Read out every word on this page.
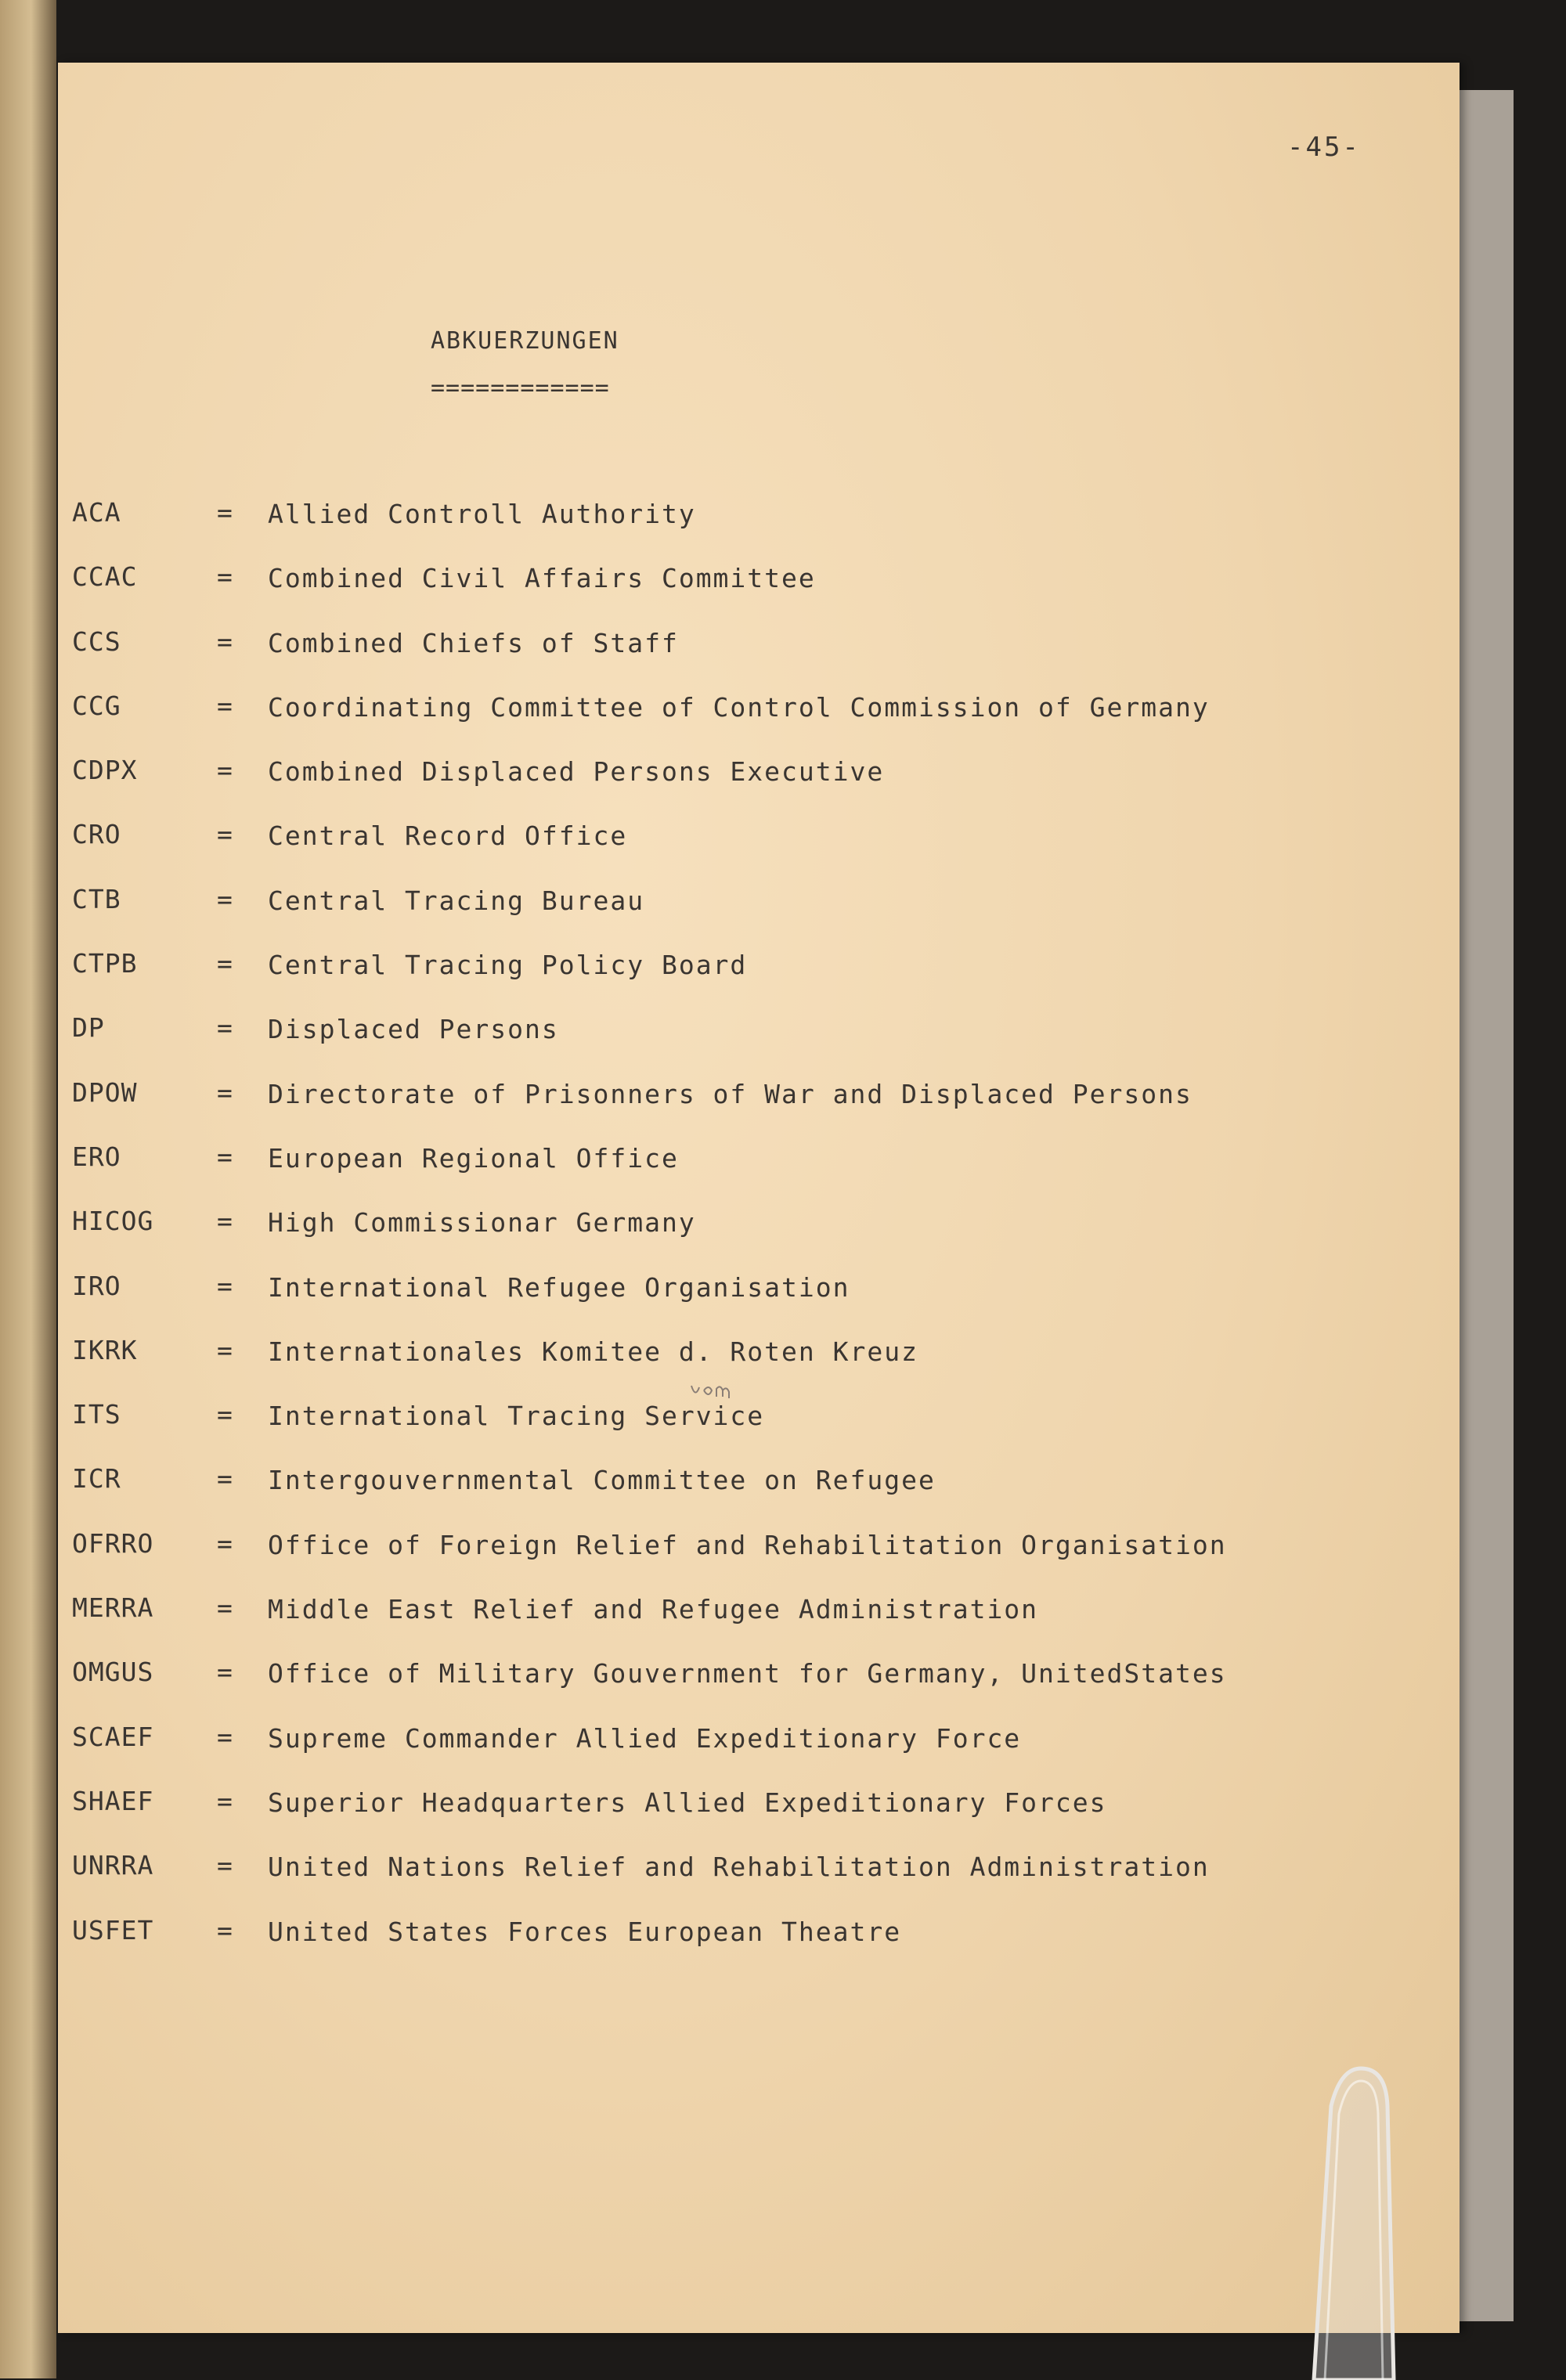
-45-
ABKUERZUNGEN
============
ACA	= Allied Controll Authority
CCAC	= Combined Civil Affairs Committee
CCS	= Combined Chiefs of Staff
CCG	= Coordinating Committee of Control Commission of Germany
CDPX	= Combined Displaced Persons Executive
CRO	= Central Record Office
CTB	= Central Tracing Bureau
CTPB	= Central Tracing Policy Board
DP	= Displaced Persons
DPOW	= Directorate of Prisonners of War and Displaced Persons
ERO	= European Regional Office
HICOG = High Commissionar Germany
IRO	= International Refugee Organisation
IKRK	= Internationales Komitee d. Roten Kreuz
ITS	= International Tracing Service
ICR	= Intergouvernmental Committee on Refugee
OFRRO = Office of Foreign Relief and Rehabilitation Organisation
MERRA = Middle East Relief and Refugee Administration
OMGUS = Office of Military Gouvernment for Germany, UnitedStates
SCAEF = Supreme Commander Allied Expeditionary Force
SHAEF = Superior Headquarters Allied Expeditionary Forces
UNRRA = United Nations Relief and Rehabilitation Administration
USFET = United States Forces European Theatre
